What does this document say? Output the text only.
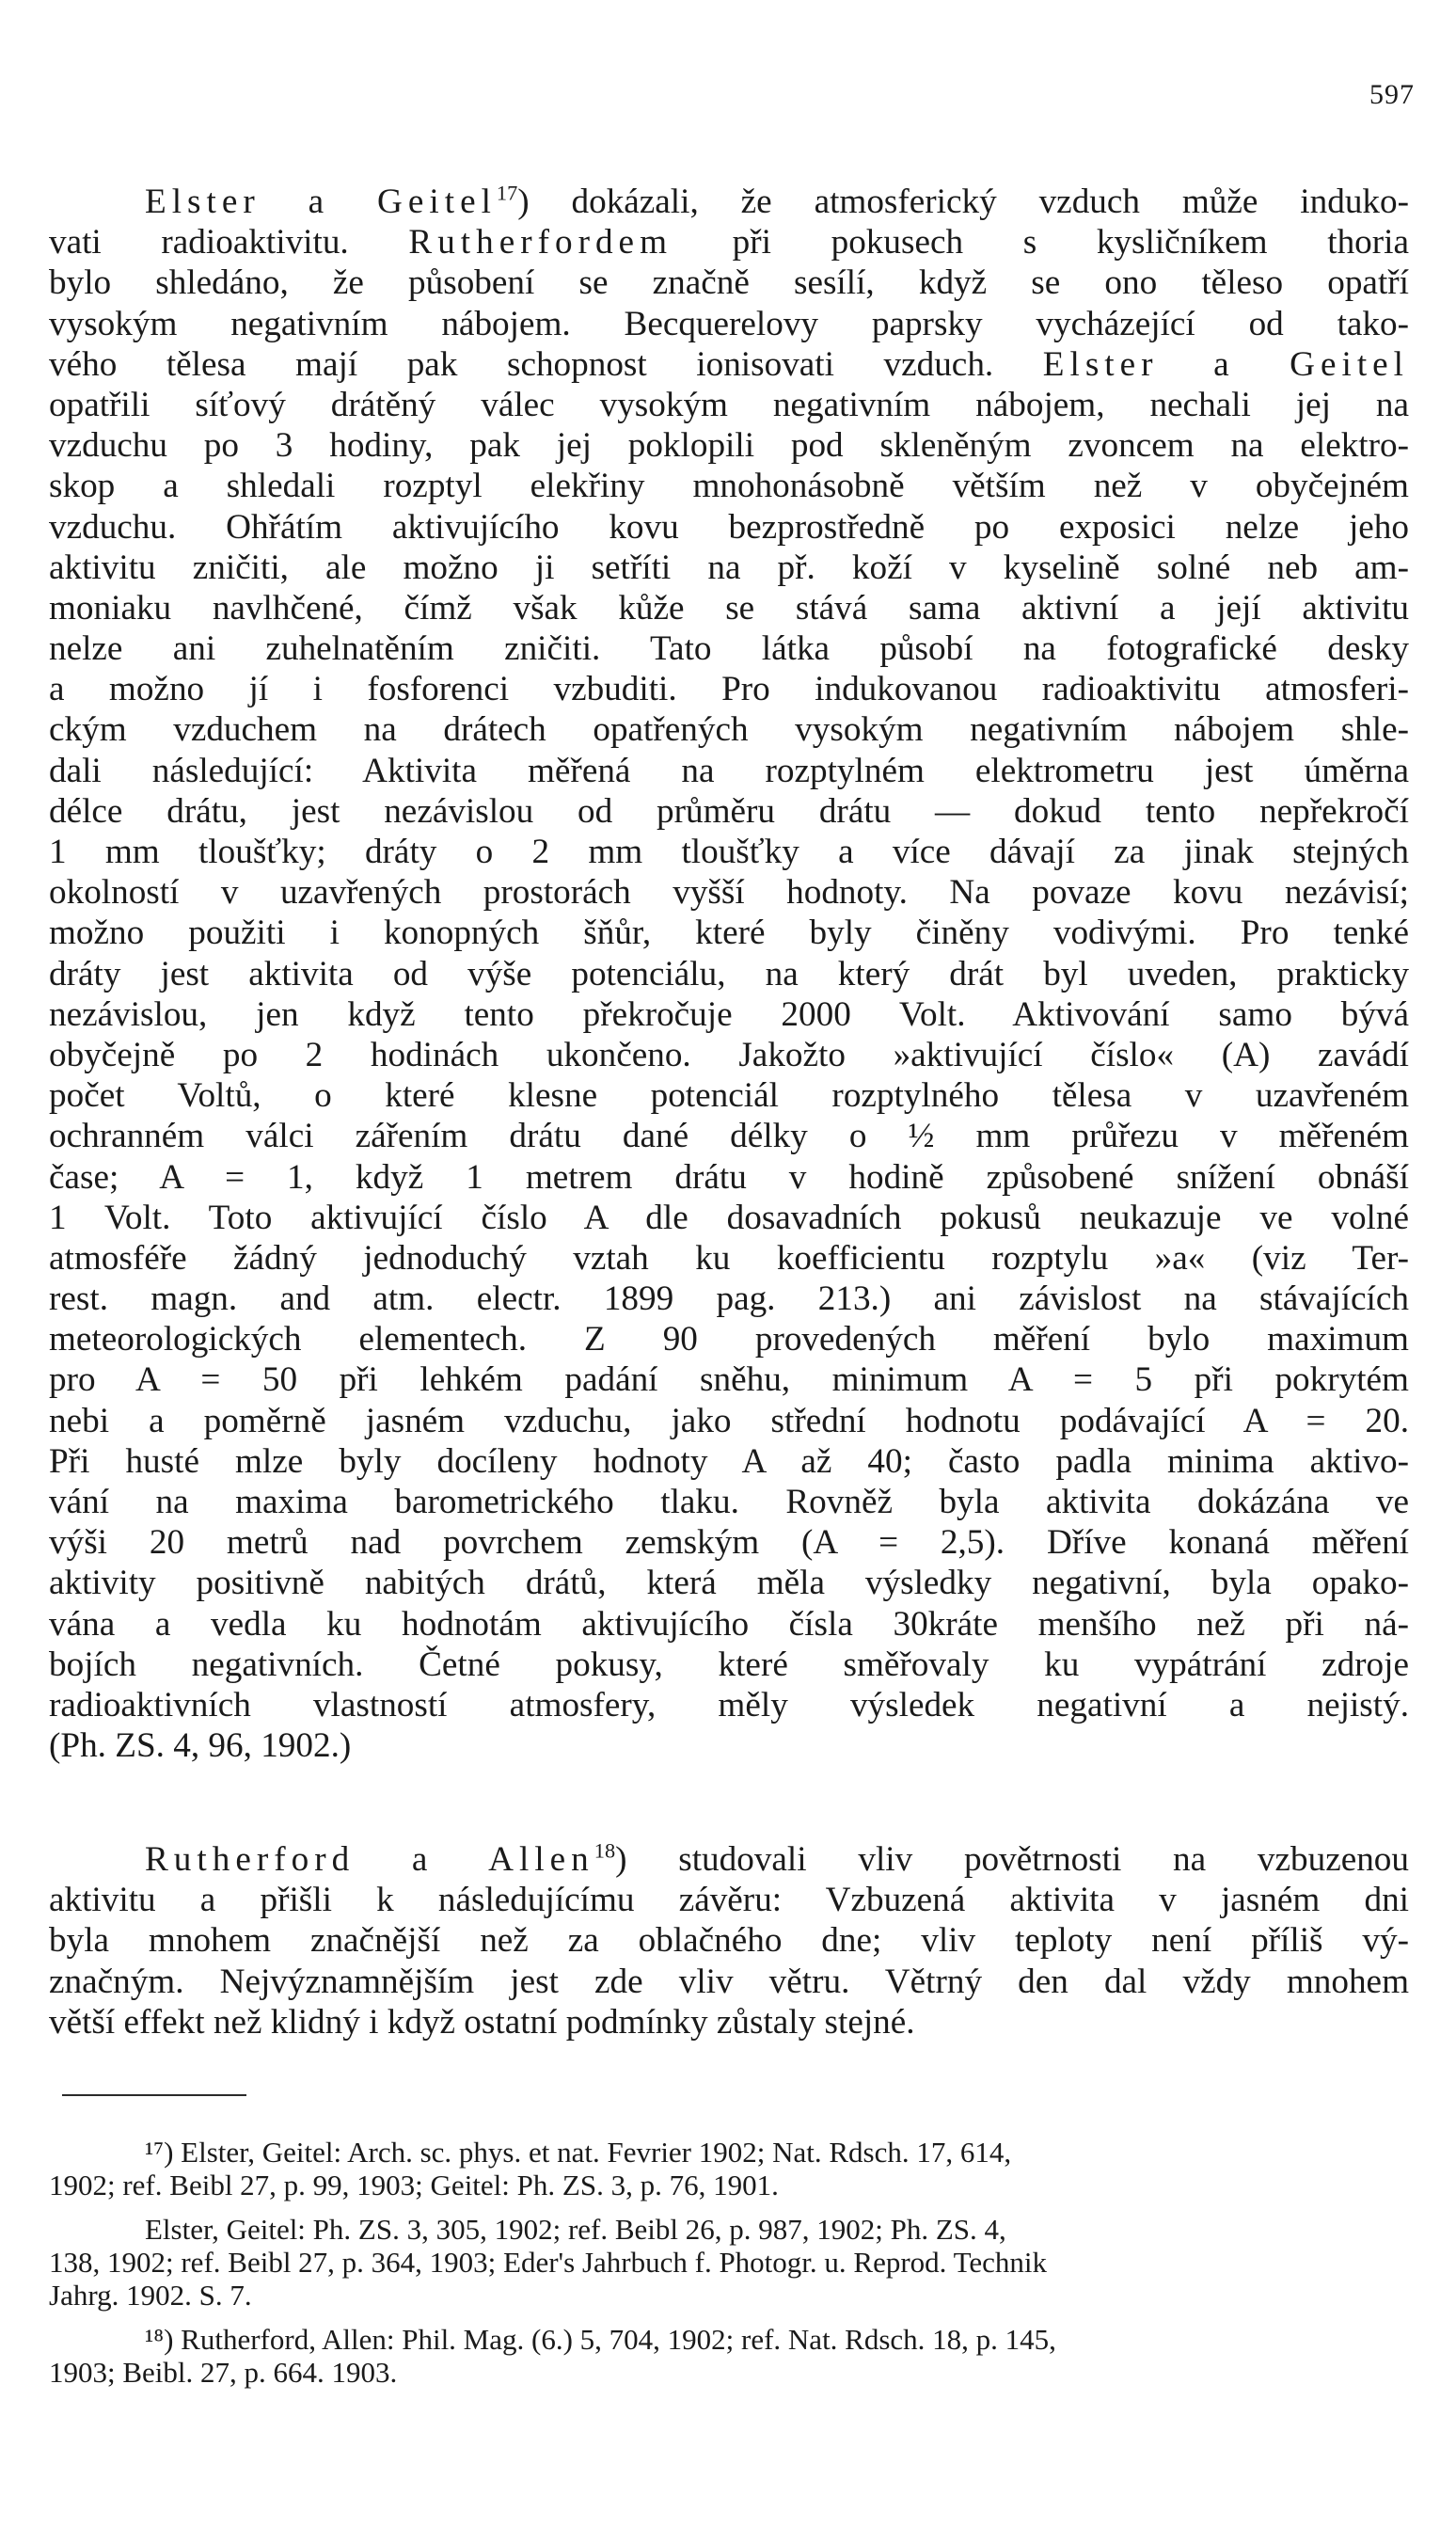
597
Elster a Geitel$^{17}$) dokázali, že atmosferický vzduch může induko-
vati radioaktivitu. Rutherfordem při pokusech s kysličníkem thoria
bylo shledáno, že působení se značně sesílí, když se ono těleso opatří
vysokým negativním nábojem. Becquerelovy paprsky vycházející od tako-
vého tělesa mají pak schopnost ionisovati vzduch. Elster a Geitel
opatřili síťový drátěný válec vysokým negativním nábojem, nechali jej na
vzduchu po 3 hodiny, pak jej poklopili pod skleněným zvoncem na elektro-
skop a shledali rozptyl elekřiny mnohonásobně větším než v obyčejném
vzduchu. Ohřátím aktivujícího kovu bezprostředně po exposici nelze jeho
aktivitu zničiti, ale možno ji setříti na př. koží v kyselině solné neb am-
moniaku navlhčené, čímž však kůže se stává sama aktivní a její aktivitu
nelze ani zuhelnatěním zničiti. Tato látka působí na fotografické desky
a možno jí i fosforenci vzbuditi. Pro indukovanou radioaktivitu atmosferi-
ckým vzduchem na drátech opatřených vysokým negativním nábojem shle-
dali následující: Aktivita měřená na rozptylném elektrometru jest úměrna
délce drátu, jest nezávislou od průměru drátu — dokud tento nepřekročí
1 mm tloušťky; dráty o 2 mm tloušťky a více dávají za jinak stejných
okolností v uzavřených prostorách vyšší hodnoty. Na povaze kovu nezávisí;
možno použiti i konopných šňůr, které byly činěny vodivými. Pro tenké
dráty jest aktivita od výše potenciálu, na který drát byl uveden, prakticky
nezávislou, jen když tento překročuje 2000 Volt. Aktivování samo bývá
obyčejně po 2 hodinách ukončeno. Jakožto »aktivující číslo« (A) zavádí
počet Voltů, o které klesne potenciál rozptylného tělesa v uzavřeném
ochranném válci zářením drátu dané délky o ½ mm průřezu v měřeném
čase; A = 1, když 1 metrem drátu v hodině způsobené snížení obnáší
1 Volt. Toto aktivující číslo A dle dosavadních pokusů neukazuje ve volné
atmosféře žádný jednoduchý vztah ku koefficientu rozptylu »a« (viz Ter-
rest. magn. and atm. electr. 1899 pag. 213.) ani závislost na stávajících
meteorologických elementech. Z 90 provedených měření bylo maximum
pro A = 50 při lehkém padání sněhu, minimum A = 5 při pokrytém
nebi a poměrně jasném vzduchu, jako střední hodnotu podávající A = 20.
Při husté mlze byly docíleny hodnoty A až 40; často padla minima aktivo-
vání na maxima barometrického tlaku. Rovněž byla aktivita dokázána ve
výši 20 metrů nad povrchem zemským (A = 2,5). Dříve konaná měření
aktivity positivně nabitých drátů, která měla výsledky negativní, byla opako-
vána a vedla ku hodnotám aktivujícího čísla 30kráte menšího než při ná-
bojích negativních. Četné pokusy, které směřovaly ku vypátrání zdroje
radioaktivních vlastností atmosfery, měly výsledek negativní a nejistý.
(Ph. ZS. 4, 96, 1902.)
Rutherford a Allen$^{18}$) studovali vliv povětrnosti na vzbuzenou
aktivitu a přišli k následujícímu závěru: Vzbuzená aktivita v jasném dni
byla mnohem značnější než za oblačného dne; vliv teploty není příliš vý-
značným. Nejvýznamnějším jest zde vliv větru. Větrný den dal vždy mnohem
větší effekt než klidný i když ostatní podmínky zůstaly stejné.
¹⁷) Elster, Geitel: Arch. sc. phys. et nat. Fevrier 1902; Nat. Rdsch. 17, 614,
1902; ref. Beibl 27, p. 99, 1903; Geitel: Ph. ZS. 3, p. 76, 1901.
Elster, Geitel: Ph. ZS. 3, 305, 1902; ref. Beibl 26, p. 987, 1902; Ph. ZS. 4,
138, 1902; ref. Beibl 27, p. 364, 1903; Eder's Jahrbuch f. Photogr. u. Reprod. Technik
Jahrg. 1902. S. 7.
¹⁸) Rutherford, Allen: Phil. Mag. (6.) 5, 704, 1902; ref. Nat. Rdsch. 18, p. 145,
1903; Beibl. 27, p. 664. 1903.
